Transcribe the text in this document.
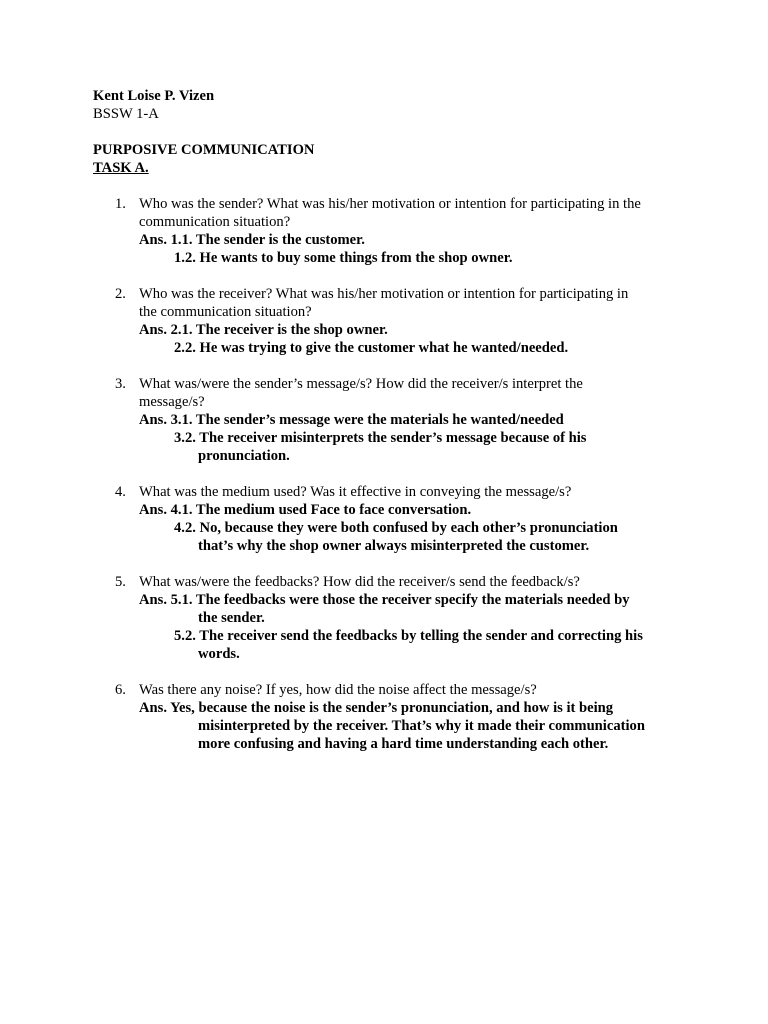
Kent Loise P. Vizen
BSSW 1-A
PURPOSIVE COMMUNICATION
TASK A.
1. Who was the sender? What was his/her motivation or intention for participating in the
communication situation?
Ans. 1.1. The sender is the customer.
1.2. He wants to buy some things from the shop owner.
2. Who was the receiver? What was his/her motivation or intention for participating in
the communication situation?
Ans. 2.1. The receiver is the shop owner.
2.2. He was trying to give the customer what he wanted/needed.
3. What was/were the sender’s message/s? How did the receiver/s interpret the
message/s?
Ans. 3.1. The sender’s message were the materials he wanted/needed
3.2. The receiver misinterprets the sender’s message because of his
pronunciation.
4. What was the medium used? Was it effective in conveying the message/s?
Ans. 4.1. The medium used Face to face conversation.
4.2. No, because they were both confused by each other’s pronunciation
that’s why the shop owner always misinterpreted the customer.
5. What was/were the feedbacks? How did the receiver/s send the feedback/s?
Ans. 5.1. The feedbacks were those the receiver specify the materials needed by
the sender.
5.2. The receiver send the feedbacks by telling the sender and correcting his
words.
6. Was there any noise? If yes, how did the noise affect the message/s?
Ans. Yes, because the noise is the sender’s pronunciation, and how is it being
misinterpreted by the receiver. That’s why it made their communication
more confusing and having a hard time understanding each other.
